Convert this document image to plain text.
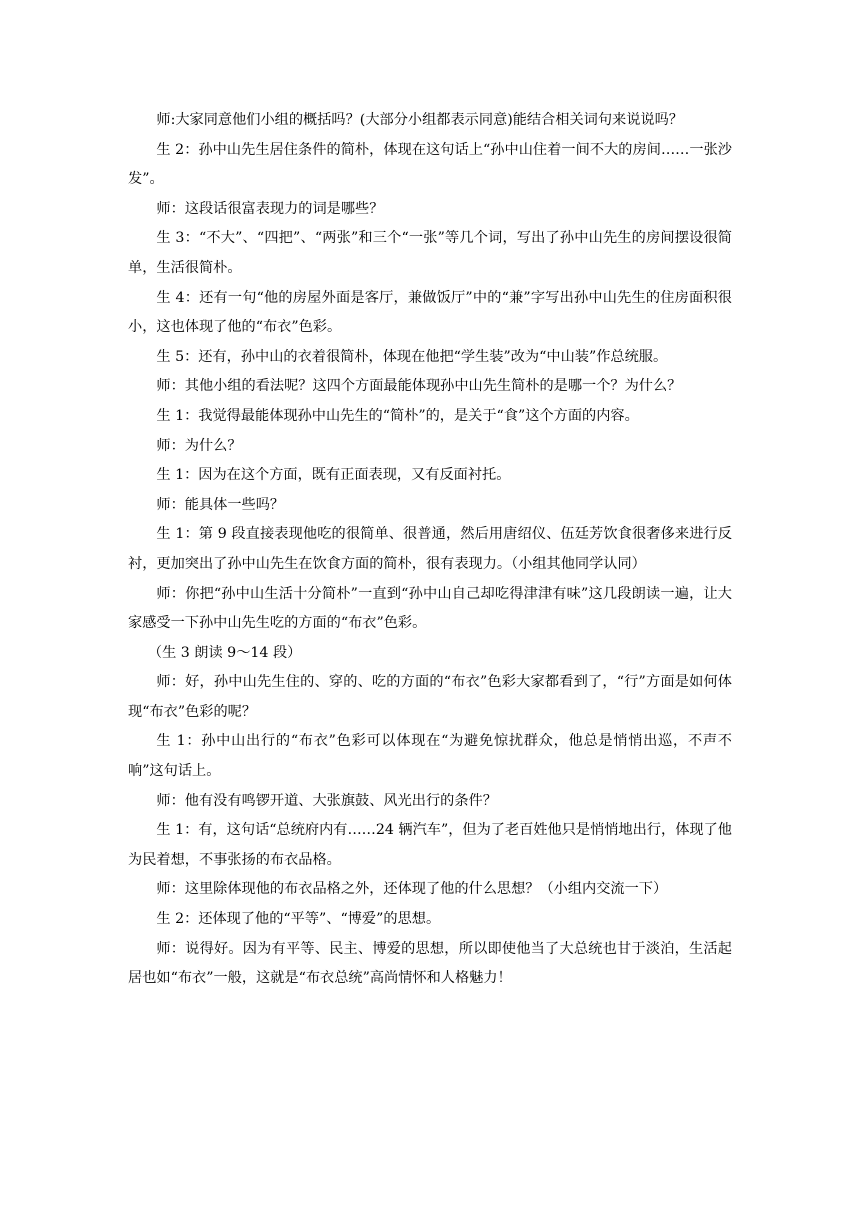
师:大家同意他们小组的概括吗？(大部分小组都表示同意)能结合相关词句来说说吗？

生 2：孙中山先生居住条件的简朴，体现在这句话上“孙中山住着一间不大的房间……一张沙发”。

师：这段话很富表现力的词是哪些？

生 3：“不大”、“四把”、“两张”和三个“一张”等几个词，写出了孙中山先生的房间摆设很简单，生活很简朴。

生 4：还有一句“他的房屋外面是客厅，兼做饭厅”中的“兼”字写出孙中山先生的住房面积很小，这也体现了他的“布衣”色彩。

生 5：还有，孙中山的衣着很简朴，体现在他把“学生装”改为“中山装”作总统服。

师：其他小组的看法呢？这四个方面最能体现孙中山先生简朴的是哪一个？为什么？

生 1：我觉得最能体现孙中山先生的“简朴”的，是关于“食”这个方面的内容。

师：为什么？

生 1：因为在这个方面，既有正面表现，又有反面衬托。

师：能具体一些吗？

生 1：第 9 段直接表现他吃的很简单、很普通，然后用唐绍仪、伍廷芳饮食很奢侈来进行反衬，更加突出了孙中山先生在饮食方面的简朴，很有表现力。（小组其他同学认同）

师：你把“孙中山生活十分简朴”一直到“孙中山自己却吃得津津有味”这几段朗读一遍，让大家感受一下孙中山先生吃的方面的“布衣”色彩。

（生 3 朗读 9～14 段）

师：好，孙中山先生住的、穿的、吃的方面的“布衣”色彩大家都看到了，“行”方面是如何体现“布衣”色彩的呢？

生 1：孙中山出行的“布衣”色彩可以体现在“为避免惊扰群众，他总是悄悄出巡，不声不响”这句话上。

师：他有没有鸣锣开道、大张旗鼓、风光出行的条件？

生 1：有，这句话“总统府内有……24 辆汽车”，但为了老百姓他只是悄悄地出行，体现了他为民着想，不事张扬的布衣品格。

师：这里除体现他的布衣品格之外，还体现了他的什么思想？（小组内交流一下）

生 2：还体现了他的“平等”、“博爱”的思想。

师：说得好。因为有平等、民主、博爱的思想，所以即使他当了大总统也甘于淡泊，生活起居也如“布衣”一般，这就是“布衣总统”高尚情怀和人格魅力！
